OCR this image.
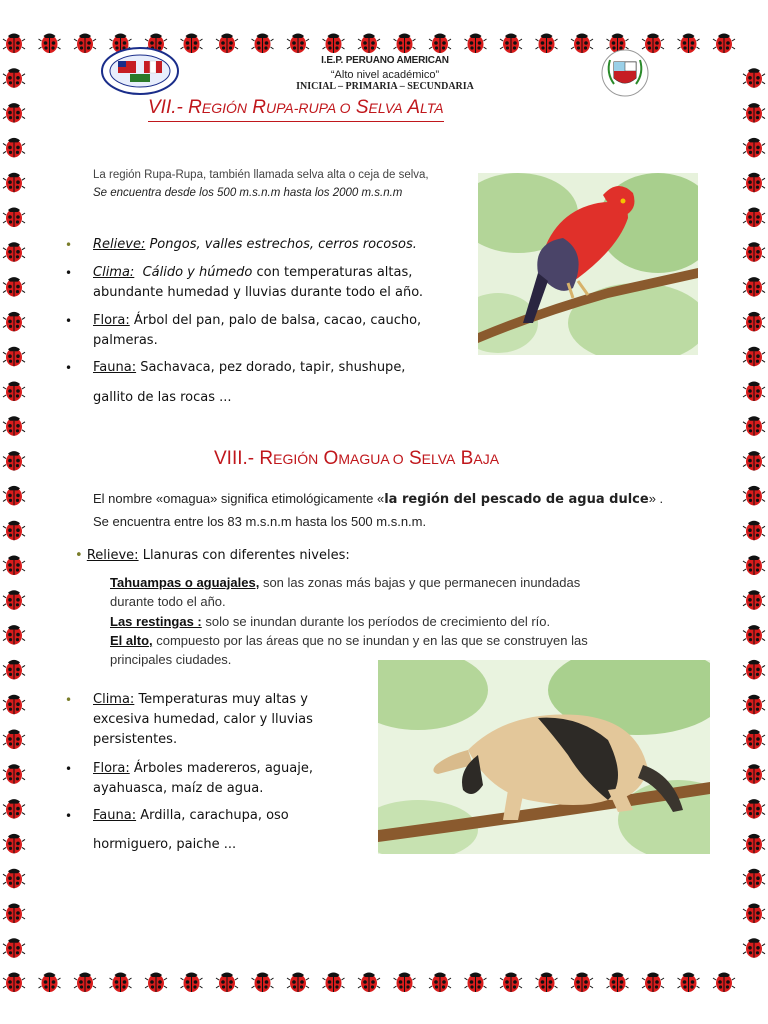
I.E.P. PERUANO AMERICAN
“Alto nivel académico”
INICIAL – PRIMARIA – SECUNDARIA
VII.- REGIÓN RUPA-RUPA O SELVA ALTA
La región Rupa-Rupa, también llamada selva alta o ceja de selva, Se encuentra desde los 500 m.s.n.m hasta los 2000 m.s.n.m
• Relieve: Pongos, valles estrechos, cerros rocosos.
• Clima: Cálido y húmedo con temperaturas altas,
abundante humedad y lluvias durante todo el año.
• Flora: Árbol del pan, palo de balsa, cacao, caucho,
palmeras.
• Fauna: Sachavaca, pez dorado, tapir, shushupe,
gallito de las rocas ...
VIII.- REGIÓN OMAGUA O SELVA BAJA
El nombre «omagua» significa etimológicamente «la región del pescado de agua dulce» . Se encuentra entre los 83 m.s.n.m hasta los 500 m.s.n.m.
• Relieve: Llanuras con diferentes niveles:
Tahuampas o aguajales, son las zonas más bajas y que permanecen inundadas
durante todo el año.
Las restingas : solo se inundan durante los períodos de crecimiento del río.
El alto, compuesto por las áreas que no se inundan y en las que se construyen las
principales ciudades.
• Clima: Temperaturas muy altas y
excesiva humedad, calor y lluvias
persistentes.
• Flora: Árboles madereros, aguaje,
ayahuasca, maíz de agua.
• Fauna: Ardilla, carachupa, oso
hormiguero, paiche ...
